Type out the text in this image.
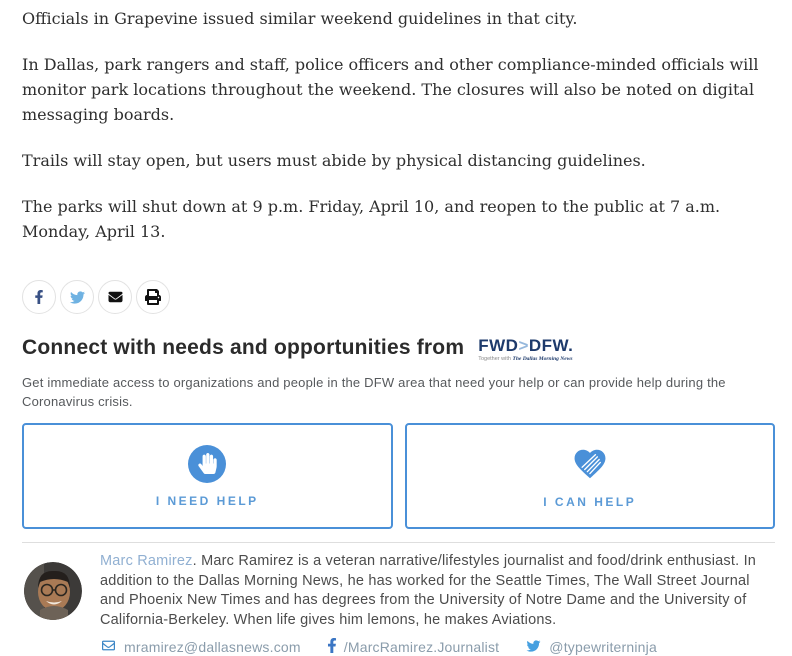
Officials in Grapevine issued similar weekend guidelines in that city.

In Dallas, park rangers and staff, police officers and other compliance-minded officials will monitor park locations throughout the weekend. The closures will also be noted on digital messaging boards.

Trails will stay open, but users must abide by physical distancing guidelines.

The parks will shut down at 9 p.m. Friday, April 10, and reopen to the public at 7 a.m. Monday, April 13.

Connect with needs and opportunities from FWD>DFW.
Together with The Dallas Morning News

Get immediate access to organizations and people in the DFW area that need your help or can provide help during the Coronavirus crisis.

I NEED HELP	I CAN HELP

Marc Ramirez. Marc Ramirez is a veteran narrative/lifestyles journalist and food/drink enthusiast. In addition to the Dallas Morning News, he has worked for the Seattle Times, The Wall Street Journal and Phoenix New Times and has degrees from the University of Notre Dame and the University of California-Berkeley. When life gives him lemons, he makes Aviations.

mramirez@dallasnews.com	/MarcRamirez.Journalist	@typewriterninja
